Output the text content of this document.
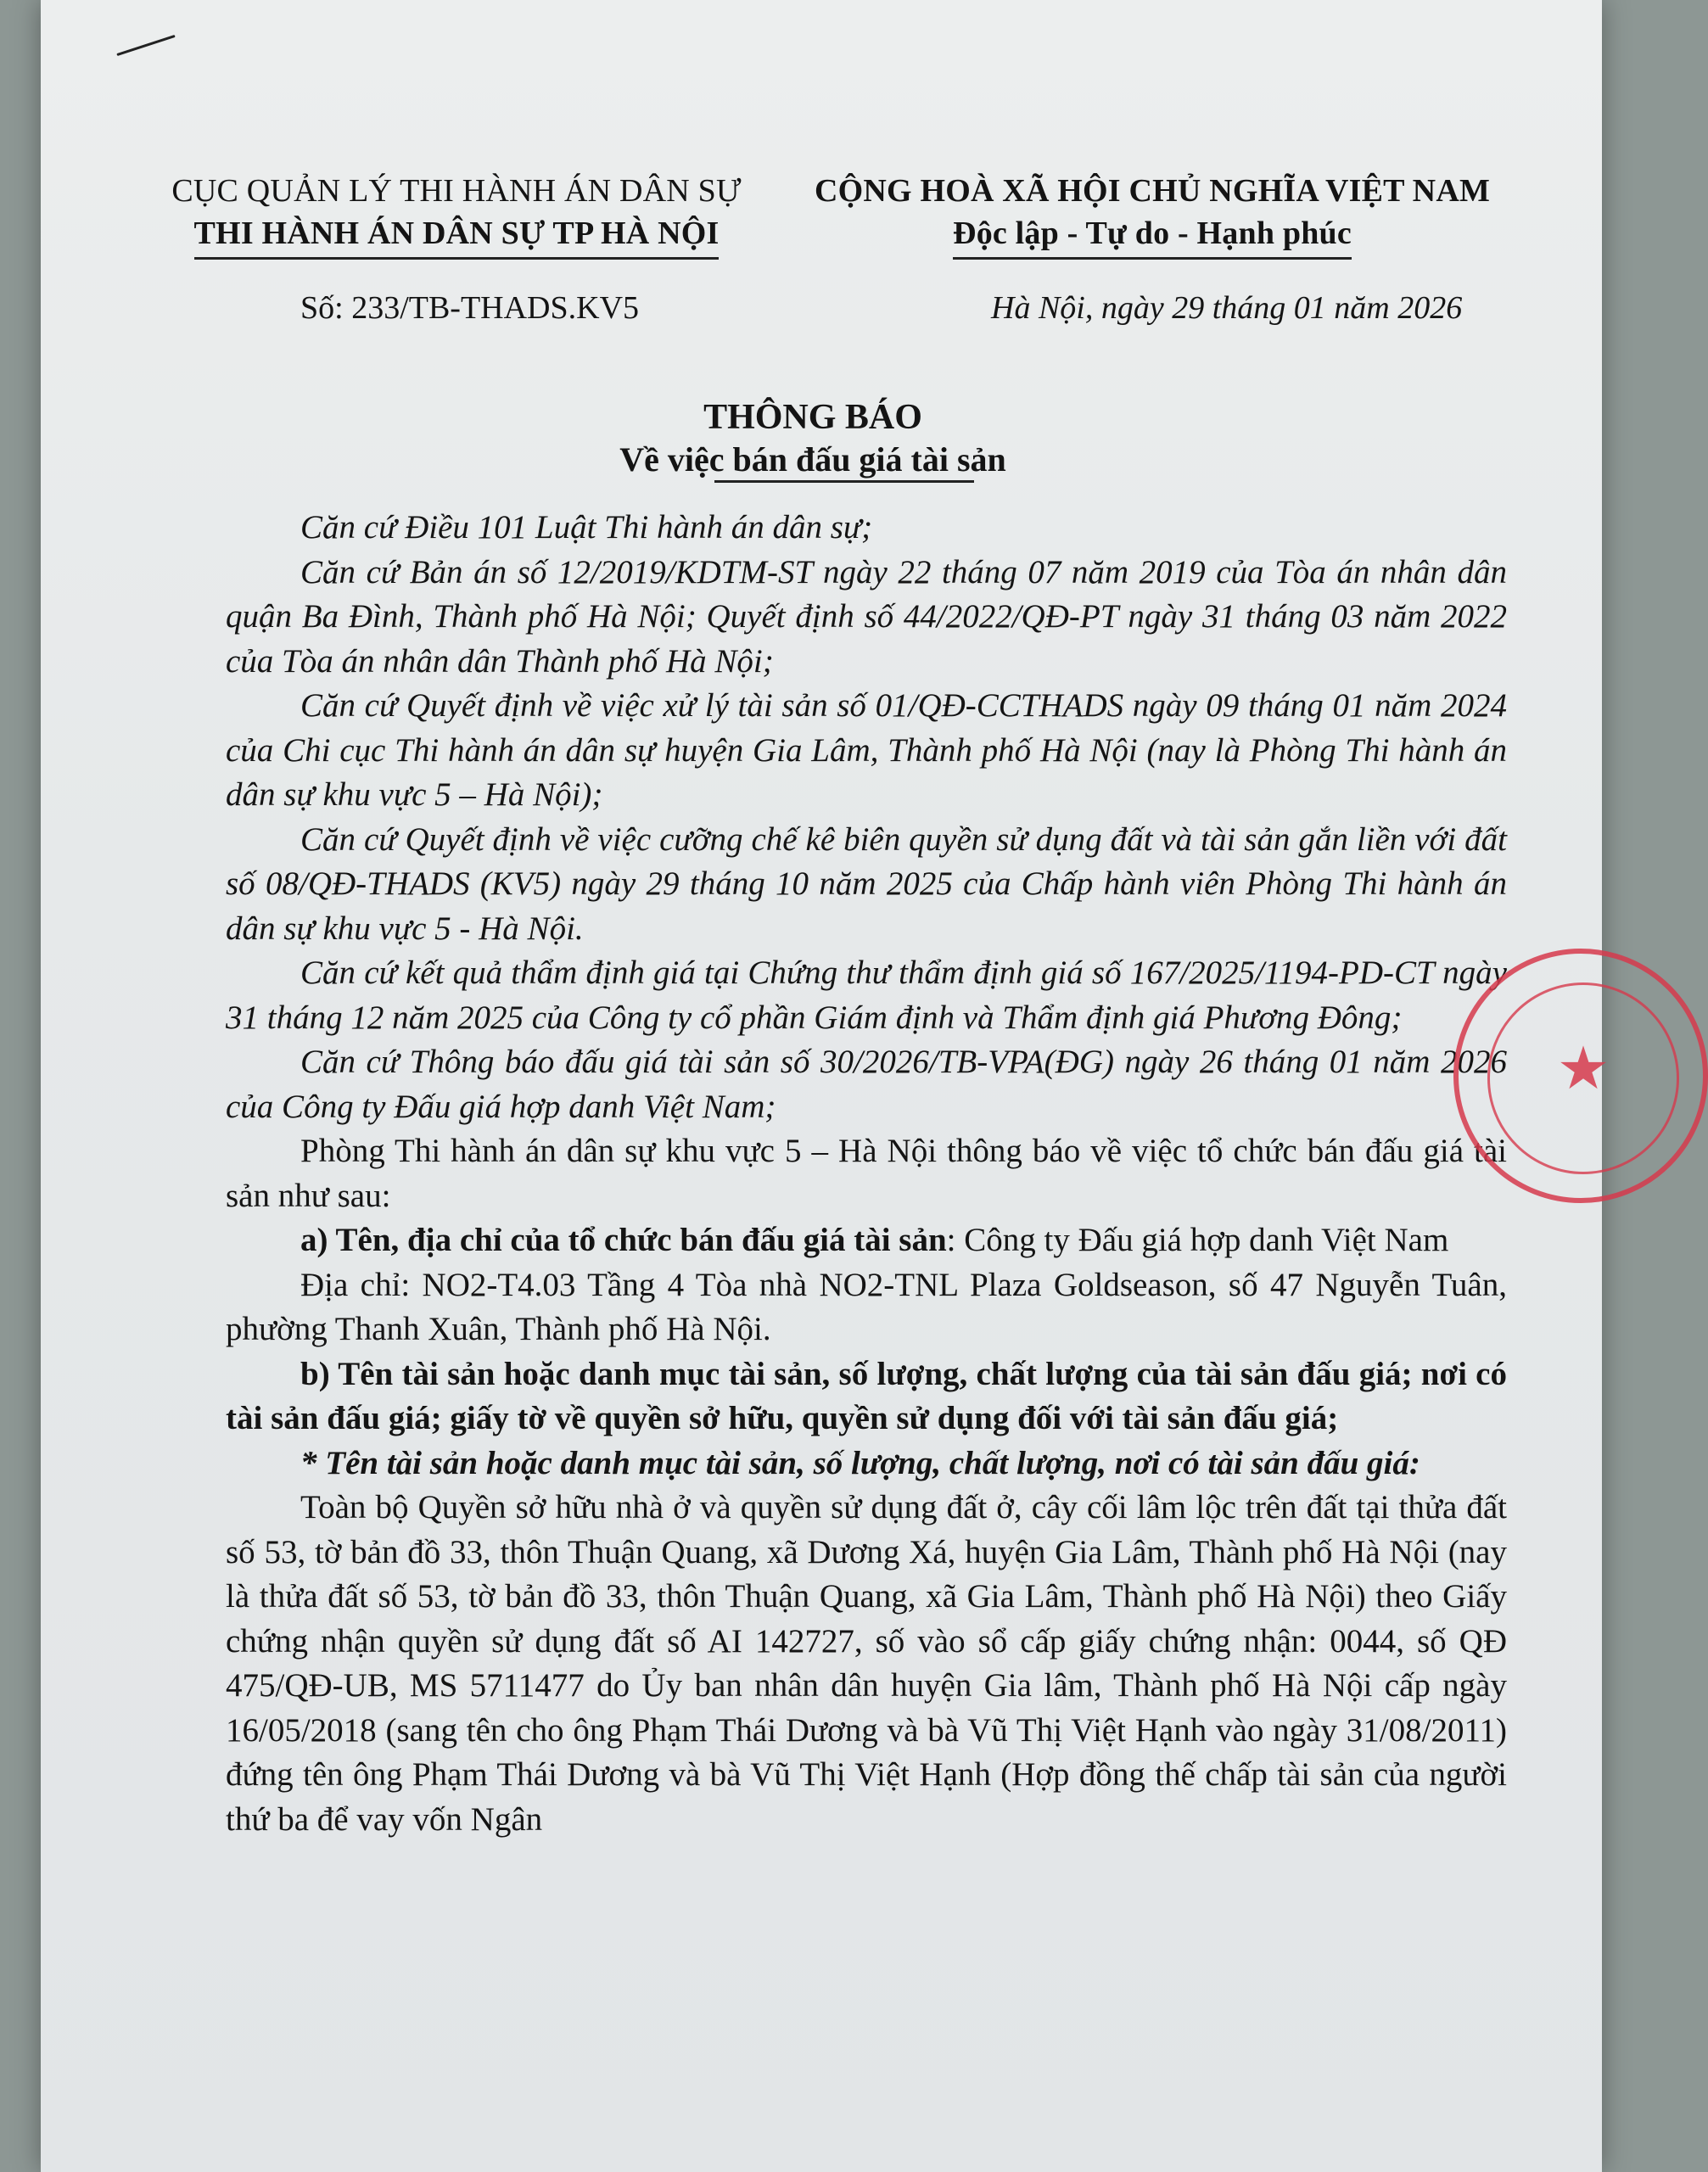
CỤC QUẢN LÝ THI HÀNH ÁN DÂN SỰ
THI HÀNH ÁN DÂN SỰ TP HÀ NỘI
CỘNG HOÀ XÃ HỘI CHỦ NGHĨA VIỆT NAM
Độc lập - Tự do - Hạnh phúc
Số: 233/TB-THADS.KV5	Hà Nội, ngày 29 tháng 01 năm 2026
THÔNG BÁO
Về việc bán đấu giá tài sản

Căn cứ Điều 101 Luật Thi hành án dân sự;

Căn cứ Bản án số 12/2019/KDTM-ST ngày 22 tháng 07 năm 2019 của Tòa án nhân dân quận Ba Đình, Thành phố Hà Nội; Quyết định số 44/2022/QĐ-PT ngày 31 tháng 03 năm 2022 của Tòa án nhân dân Thành phố Hà Nội;

Căn cứ Quyết định về việc xử lý tài sản số 01/QĐ-CCTHADS ngày 09 tháng 01 năm 2024 của Chi cục Thi hành án dân sự huyện Gia Lâm, Thành phố Hà Nội (nay là Phòng Thi hành án dân sự khu vực 5 – Hà Nội);

Căn cứ Quyết định về việc cưỡng chế kê biên quyền sử dụng đất và tài sản gắn liền với đất số 08/QĐ-THADS (KV5) ngày 29 tháng 10 năm 2025 của Chấp hành viên Phòng Thi hành án dân sự khu vực 5 - Hà Nội.

Căn cứ kết quả thẩm định giá tại Chứng thư thẩm định giá số 167/2025/1194-PD-CT ngày 31 tháng 12 năm 2025 của Công ty cổ phần Giám định và Thẩm định giá Phương Đông;

Căn cứ Thông báo đấu giá tài sản số 30/2026/TB-VPA(ĐG) ngày 26 tháng 01 năm 2026 của Công ty Đấu giá hợp danh Việt Nam;

Phòng Thi hành án dân sự khu vực 5 – Hà Nội thông báo về việc tổ chức bán đấu giá tài sản như sau:

a) Tên, địa chỉ của tổ chức bán đấu giá tài sản: Công ty Đấu giá hợp danh Việt Nam

Địa chỉ: NO2-T4.03 Tầng 4 Tòa nhà NO2-TNL Plaza Goldseason, số 47 Nguyễn Tuân, phường Thanh Xuân, Thành phố Hà Nội.

b) Tên tài sản hoặc danh mục tài sản, số lượng, chất lượng của tài sản đấu giá; nơi có tài sản đấu giá; giấy tờ về quyền sở hữu, quyền sử dụng đối với tài sản đấu giá;

* Tên tài sản hoặc danh mục tài sản, số lượng, chất lượng, nơi có tài sản đấu giá:

Toàn bộ Quyền sở hữu nhà ở và quyền sử dụng đất ở, cây cối lâm lộc trên đất tại thửa đất số 53, tờ bản đồ 33, thôn Thuận Quang, xã Dương Xá, huyện Gia Lâm, Thành phố Hà Nội (nay là thửa đất số 53, tờ bản đồ 33, thôn Thuận Quang, xã Gia Lâm, Thành phố Hà Nội) theo Giấy chứng nhận quyền sử dụng đất số AI 142727, số vào sổ cấp giấy chứng nhận: 0044, số QĐ 475/QĐ-UB, MS 5711477 do Ủy ban nhân dân huyện Gia lâm, Thành phố Hà Nội cấp ngày 16/05/2018 (sang tên cho ông Phạm Thái Dương và bà Vũ Thị Việt Hạnh vào ngày 31/08/2011) đứng tên ông Phạm Thái Dương và bà Vũ Thị Việt Hạnh (Hợp đồng thế chấp tài sản của người thứ ba để vay vốn Ngân

★
